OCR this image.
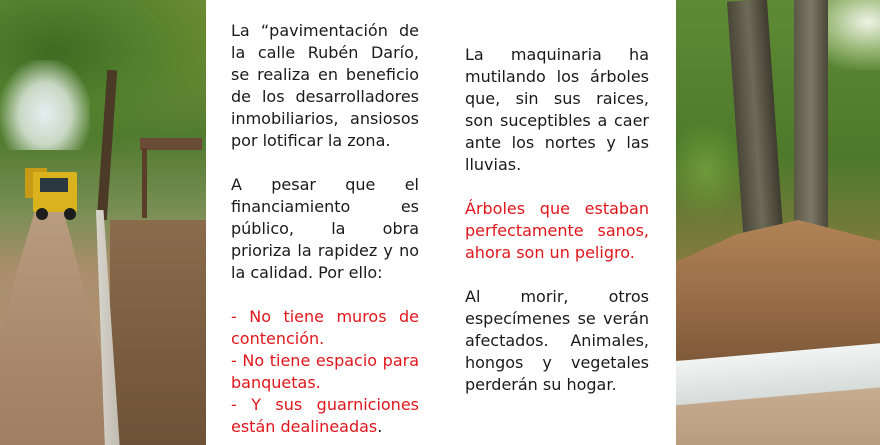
La “pavimentación de la calle Rubén Darío, se realiza en beneficio de los desarrolladores inmobiliarios, ansiosos por lotificar la zona.

A pesar que el financiamiento es público, la obra prioriza la rapidez y no la calidad. Por ello:

- No tiene muros de contención.

- No tiene espacio para banquetas.

- Y sus guarniciones están dealineadas.

La maquinaria ha mutilando los árboles que, sin sus raices, son suceptibles a caer ante los nortes y las lluvias.

Árboles que estaban perfectamente sanos, ahora son un peligro.

Al morir, otros especímenes se verán afectados. Animales, hongos y vegetales perderán su hogar.
